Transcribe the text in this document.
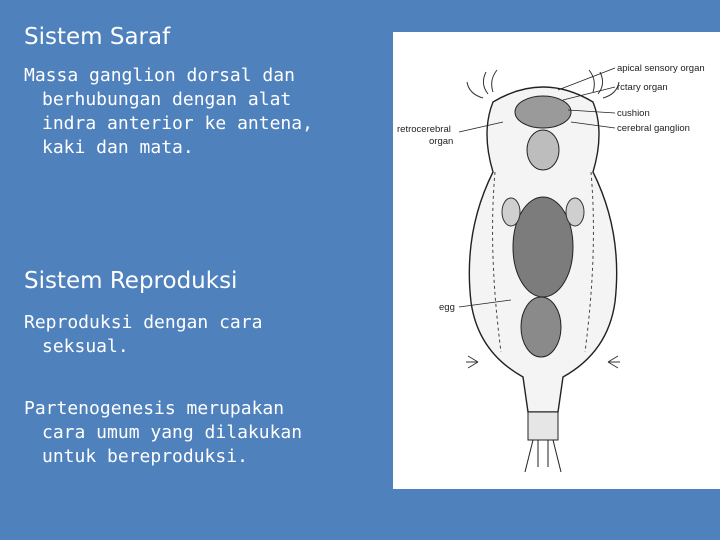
Sistem Saraf

Massa ganglion dorsal dan
berhubungan dengan alat
indra anterior ke antena,
kaki dan mata.

Sistem Reproduksi

Reproduksi dengan cara
seksual.

Partenogenesis merupakan
cara umum yang dilakukan
untuk bereproduksi.

apical sensory organ
rctary organ
cushion
cerebral ganglion
retrocerebral
organ
egg
